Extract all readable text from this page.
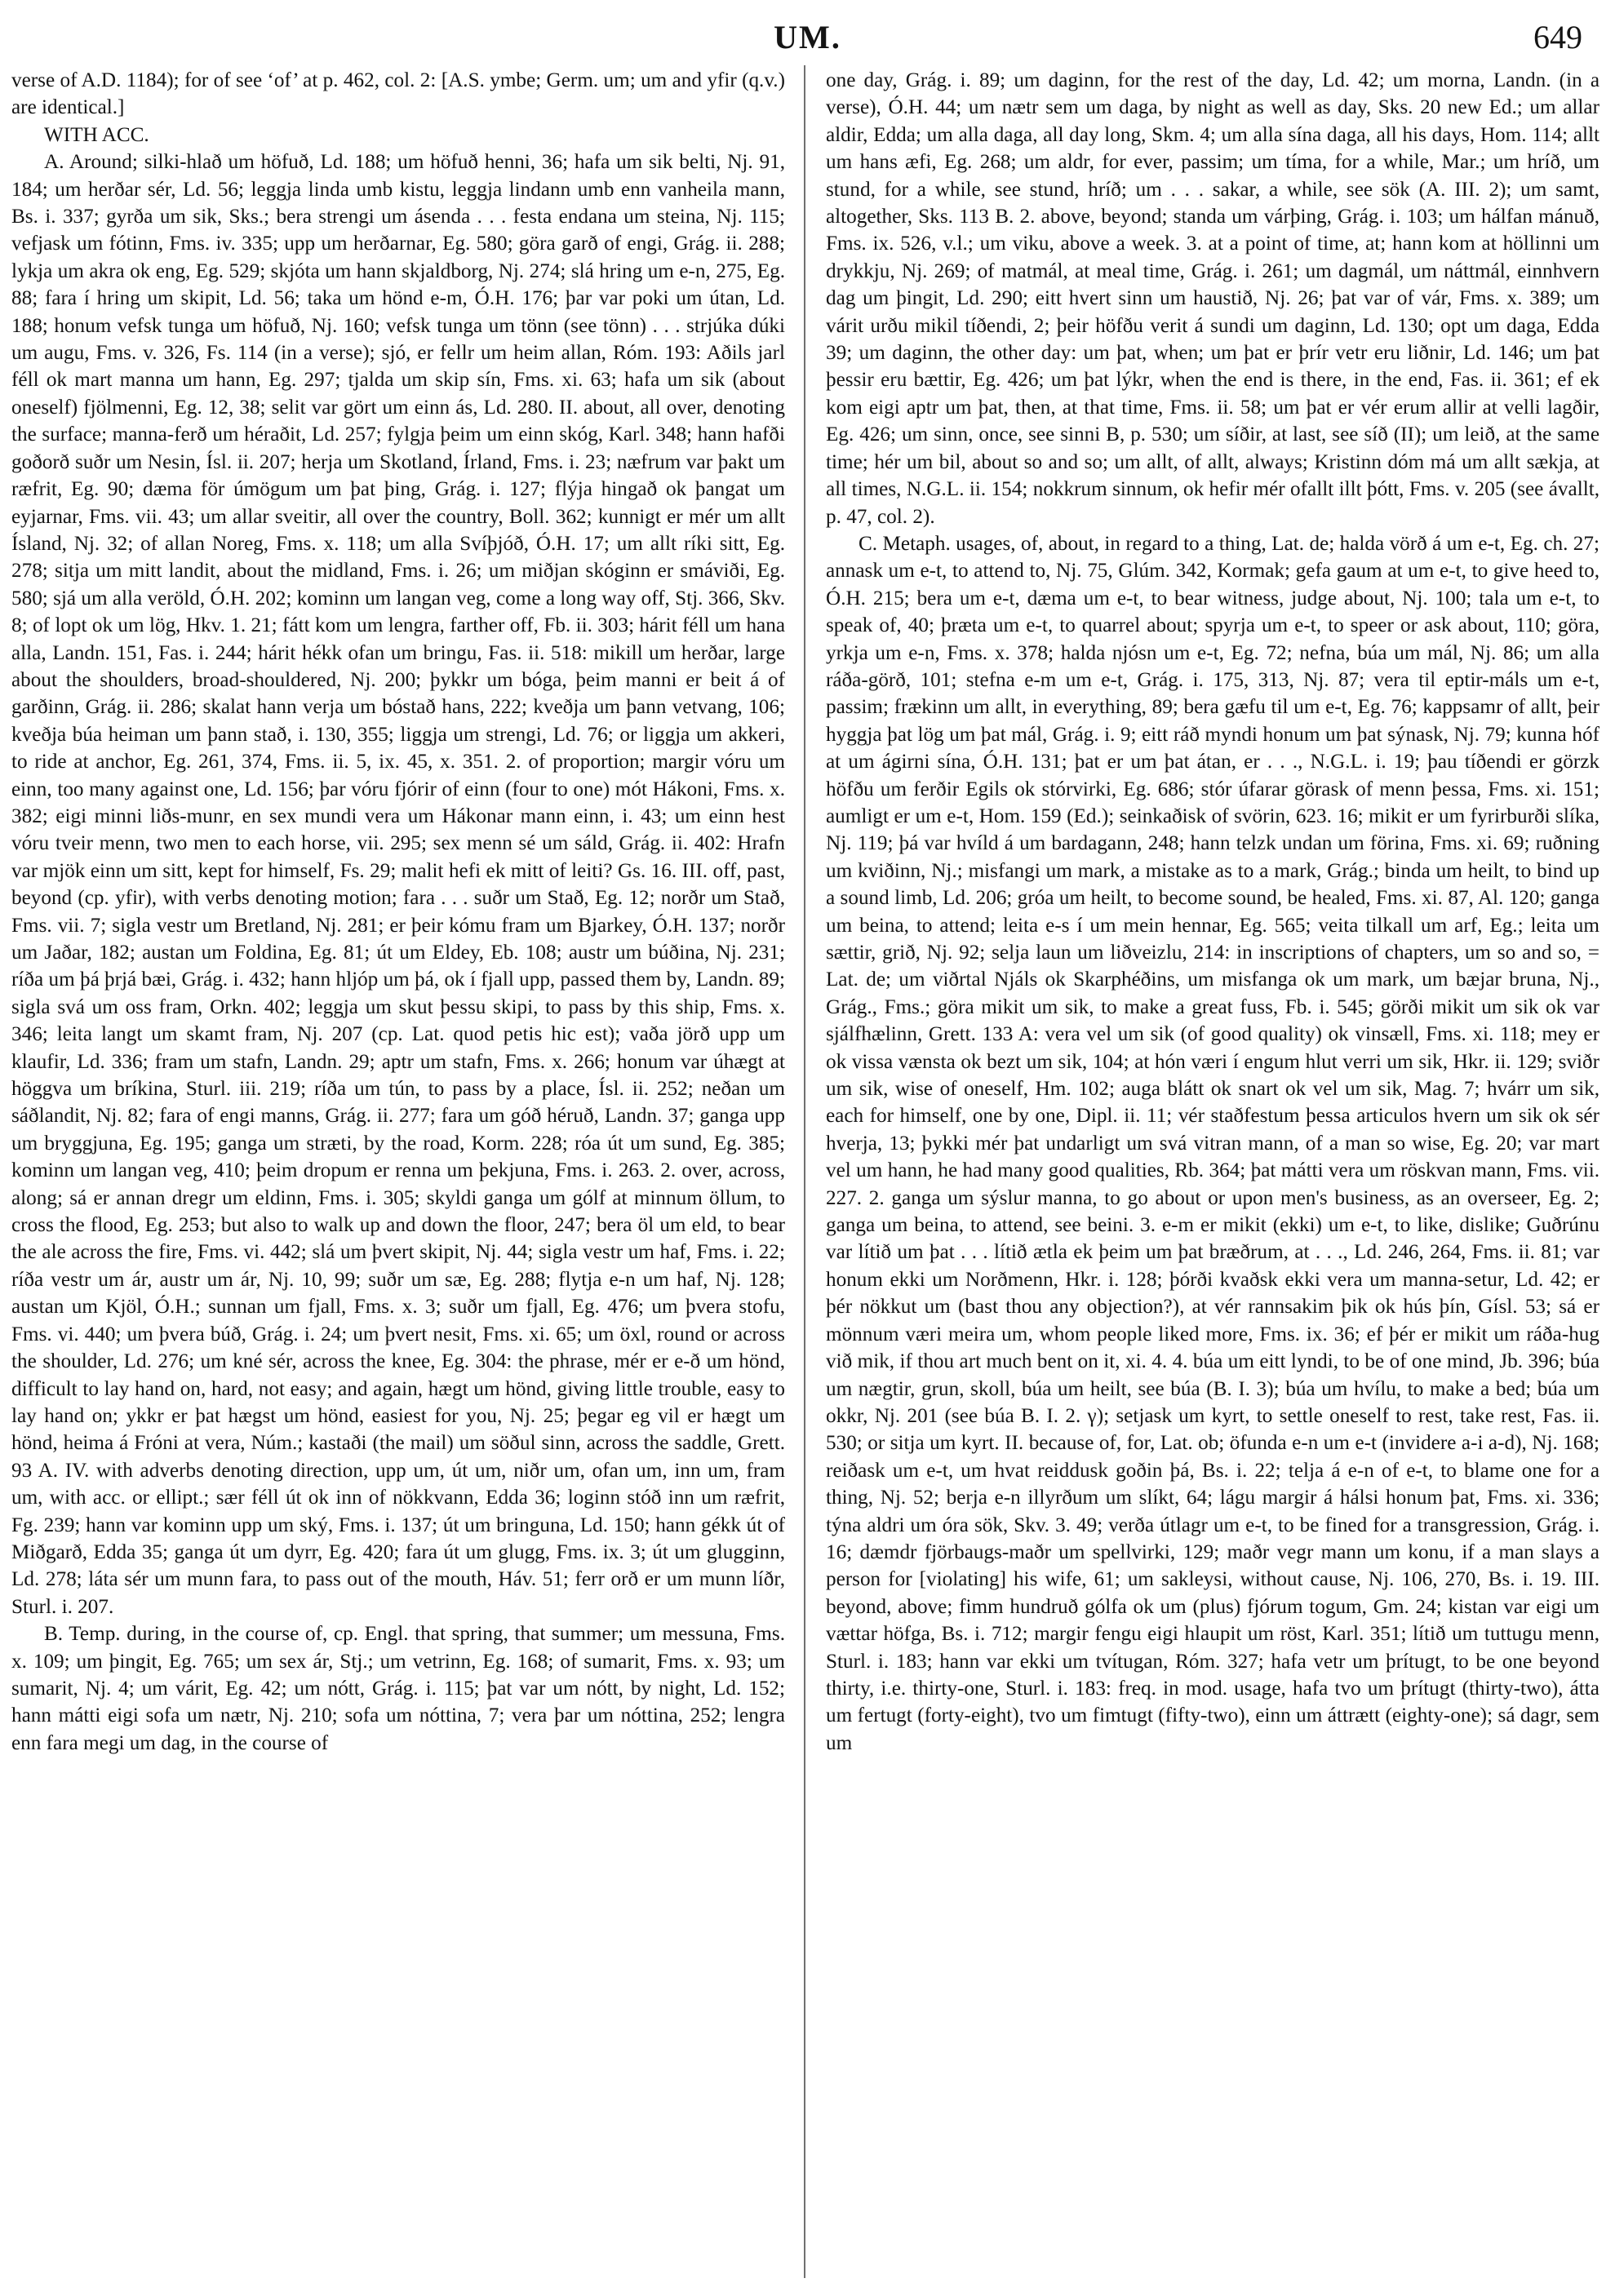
UM.	649

verse of A.D. 1184); for of see ‘of’ at p. 462, col. 2: [A.S. ymbe; Germ. um; um and yfir (q.v.) are identical.]

WITH ACC.

A. Around; silki-hlað um höfuð, Ld. 188; um höfuð henni, 36; hafa um sik belti, Nj. 91, 184; um herðar sér, Ld. 56; leggja linda umb kistu, leggja lindann umb enn vanheila mann, Bs. i. 337; gyrða um sik, Sks.; bera strengi um ásenda . . . festa endana um steina, Nj. 115; vefjask um fótinn, Fms. iv. 335; upp um herðarnar, Eg. 580; göra garð of engi, Grág. ii. 288; lykja um akra ok eng, Eg. 529; skjóta um hann skjaldborg, Nj. 274; slá hring um e-n, 275, Eg. 88; fara í hring um skipit, Ld. 56; taka um hönd e-m, Ó.H. 176; þar var poki um útan, Ld. 188; honum vefsk tunga um höfuð, Nj. 160; vefsk tunga um tönn (see tönn) . . . strjúka dúki um augu, Fms. v. 326, Fs. 114 (in a verse); sjó, er fellr um heim allan, Róm. 193: Aðils jarl féll ok mart manna um hann, Eg. 297; tjalda um skip sín, Fms. xi. 63; hafa um sik (about oneself) fjölmenni, Eg. 12, 38; selit var gört um einn ás, Ld. 280. II. about, all over, denoting the surface; manna-ferð um héraðit, Ld. 257; fylgja þeim um einn skóg, Karl. 348; hann hafði goðorð suðr um Nesin, Ísl. ii. 207; herja um Skotland, Írland, Fms. i. 23; næfrum var þakt um ræfrit, Eg. 90; dæma för úmögum um þat þing, Grág. i. 127; flýja hingað ok þangat um eyjarnar, Fms. vii. 43; um allar sveitir, all over the country, Boll. 362; kunnigt er mér um allt Ísland, Nj. 32; of allan Noreg, Fms. x. 118; um alla Svíþjóð, Ó.H. 17; um allt ríki sitt, Eg. 278; sitja um mitt landit, about the midland, Fms. i. 26; um miðjan skóginn er smáviði, Eg. 580; sjá um alla veröld, Ó.H. 202; kominn um langan veg, come a long way off, Stj. 366, Skv. 8; of lopt ok um lög, Hkv. 1. 21; fátt kom um lengra, farther off, Fb. ii. 303; hárit féll um hana alla, Landn. 151, Fas. i. 244; hárit hékk ofan um bringu, Fas. ii. 518: mikill um herðar, large about the shoulders, broad-shouldered, Nj. 200; þykkr um bóga, þeim manni er beit á of garðinn, Grág. ii. 286; skalat hann verja um bóstað hans, 222; kveðja um þann vetvang, 106; kveðja búa heiman um þann stað, i. 130, 355; liggja um strengi, Ld. 76; or liggja um akkeri, to ride at anchor, Eg. 261, 374, Fms. ii. 5, ix. 45, x. 351. 2. of proportion; margir vóru um einn, too many against one, Ld. 156; þar vóru fjórir of einn (four to one) mót Hákoni, Fms. x. 382; eigi minni liðs-munr, en sex mundi vera um Hákonar mann einn, i. 43; um einn hest vóru tveir menn, two men to each horse, vii. 295; sex menn sé um sáld, Grág. ii. 402: Hrafn var mjök einn um sitt, kept for himself, Fs. 29; malit hefi ek mitt of leiti? Gs. 16. III. off, past, beyond (cp. yfir), with verbs denoting motion; fara . . . suðr um Stað, Eg. 12; norðr um Stað, Fms. vii. 7; sigla vestr um Bretland, Nj. 281; er þeir kómu fram um Bjarkey, Ó.H. 137; norðr um Jaðar, 182; austan um Foldina, Eg. 81; út um Eldey, Eb. 108; austr um búðina, Nj. 231; ríða um þá þrjá bæi, Grág. i. 432; hann hljóp um þá, ok í fjall upp, passed them by, Landn. 89; sigla svá um oss fram, Orkn. 402; leggja um skut þessu skipi, to pass by this ship, Fms. x. 346; leita langt um skamt fram, Nj. 207 (cp. Lat. quod petis hic est); vaða jörð upp um klaufir, Ld. 336; fram um stafn, Landn. 29; aptr um stafn, Fms. x. 266; honum var úhægt at höggva um bríkina, Sturl. iii. 219; ríða um tún, to pass by a place, Ísl. ii. 252; neðan um sáðlandit, Nj. 82; fara of engi manns, Grág. ii. 277; fara um góð héruð, Landn. 37; ganga upp um bryggjuna, Eg. 195; ganga um stræti, by the road, Korm. 228; róa út um sund, Eg. 385; kominn um langan veg, 410; þeim dropum er renna um þekjuna, Fms. i. 263. 2. over, across, along; sá er annan dregr um eldinn, Fms. i. 305; skyldi ganga um gólf at minnum öllum, to cross the flood, Eg. 253; but also to walk up and down the floor, 247; bera öl um eld, to bear the ale across the fire, Fms. vi. 442; slá um þvert skipit, Nj. 44; sigla vestr um haf, Fms. i. 22; ríða vestr um ár, austr um ár, Nj. 10, 99; suðr um sæ, Eg. 288; flytja e-n um haf, Nj. 128; austan um Kjöl, Ó.H.; sunnan um fjall, Fms. x. 3; suðr um fjall, Eg. 476; um þvera stofu, Fms. vi. 440; um þvera búð, Grág. i. 24; um þvert nesit, Fms. xi. 65; um öxl, round or across the shoulder, Ld. 276; um kné sér, across the knee, Eg. 304: the phrase, mér er e-ð um hönd, difficult to lay hand on, hard, not easy; and again, hægt um hönd, giving little trouble, easy to lay hand on; ykkr er þat hægst um hönd, easiest for you, Nj. 25; þegar eg vil er hægt um hönd, heima á Fróni at vera, Núm.; kastaði (the mail) um söðul sinn, across the saddle, Grett. 93 A. IV. with adverbs denoting direction, upp um, út um, niðr um, ofan um, inn um, fram um, with acc. or ellipt.; sær féll út ok inn of nökkvann, Edda 36; loginn stóð inn um ræfrit, Fg. 239; hann var kominn upp um ský, Fms. i. 137; út um bringuna, Ld. 150; hann gékk út of Miðgarð, Edda 35; ganga út um dyrr, Eg. 420; fara út um glugg, Fms. ix. 3; út um glugginn, Ld. 278; láta sér um munn fara, to pass out of the mouth, Háv. 51; ferr orð er um munn líðr, Sturl. i. 207.

B. Temp. during, in the course of, cp. Engl. that spring, that summer; um messuna, Fms. x. 109; um þingit, Eg. 765; um sex ár, Stj.; um vetrinn, Eg. 168; of sumarit, Fms. x. 93; um sumarit, Nj. 4; um várit, Eg. 42; um nótt, Grág. i. 115; þat var um nótt, by night, Ld. 152; hann mátti eigi sofa um nætr, Nj. 210; sofa um nóttina, 7; vera þar um nóttina, 252; lengra enn fara megi um dag, in the course of

one day, Grág. i. 89; um daginn, for the rest of the day, Ld. 42; um morna, Landn. (in a verse), Ó.H. 44; um nætr sem um daga, by night as well as day, Sks. 20 new Ed.; um allar aldir, Edda; um alla daga, all day long, Skm. 4; um alla sína daga, all his days, Hom. 114; allt um hans æfi, Eg. 268; um aldr, for ever, passim; um tíma, for a while, Mar.; um hríð, um stund, for a while, see stund, hríð; um . . . sakar, a while, see sök (A. III. 2); um samt, altogether, Sks. 113 B. 2. above, beyond; standa um várþing, Grág. i. 103; um hálfan mánuð, Fms. ix. 526, v.l.; um viku, above a week. 3. at a point of time, at; hann kom at höllinni um drykkju, Nj. 269; of matmál, at meal time, Grág. i. 261; um dagmál, um náttmál, einnhvern dag um þingit, Ld. 290; eitt hvert sinn um haustið, Nj. 26; þat var of vár, Fms. x. 389; um várit urðu mikil tíðendi, 2; þeir höfðu verit á sundi um daginn, Ld. 130; opt um daga, Edda 39; um daginn, the other day: um þat, when; um þat er þrír vetr eru liðnir, Ld. 146; um þat þessir eru bættir, Eg. 426; um þat lýkr, when the end is there, in the end, Fas. ii. 361; ef ek kom eigi aptr um þat, then, at that time, Fms. ii. 58; um þat er vér erum allir at velli lagðir, Eg. 426; um sinn, once, see sinni B, p. 530; um síðir, at last, see síð (II); um leið, at the same time; hér um bil, about so and so; um allt, of allt, always; Kristinn dóm má um allt sækja, at all times, N.G.L. ii. 154; nokkrum sinnum, ok hefir mér ofallt illt þótt, Fms. v. 205 (see ávallt, p. 47, col. 2).

C. Metaph. usages, of, about, in regard to a thing, Lat. de; halda vörð á um e-t, Eg. ch. 27; annask um e-t, to attend to, Nj. 75, Glúm. 342, Kormak; gefa gaum at um e-t, to give heed to, Ó.H. 215; bera um e-t, dæma um e-t, to bear witness, judge about, Nj. 100; tala um e-t, to speak of, 40; þræta um e-t, to quarrel about; spyrja um e-t, to speer or ask about, 110; göra, yrkja um e-n, Fms. x. 378; halda njósn um e-t, Eg. 72; nefna, búa um mál, Nj. 86; um alla ráða-görð, 101; stefna e-m um e-t, Grág. i. 175, 313, Nj. 87; vera til eptir-máls um e-t, passim; frækinn um allt, in everything, 89; bera gæfu til um e-t, Eg. 76; kappsamr of allt, þeir hyggja þat lög um þat mál, Grág. i. 9; eitt ráð myndi honum um þat sýnask, Nj. 79; kunna hóf at um ágirni sína, Ó.H. 131; þat er um þat átan, er . . ., N.G.L. i. 19; þau tíðendi er görzk höfðu um ferðir Egils ok stórvirki, Eg. 686; stór úfarar görask of menn þessa, Fms. xi. 151; aumligt er um e-t, Hom. 159 (Ed.); seinkaðisk of svörin, 623. 16; mikit er um fyrirburði slíka, Nj. 119; þá var hvíld á um bardagann, 248; hann telzk undan um förina, Fms. xi. 69; ruðning um kviðinn, Nj.; misfangi um mark, a mistake as to a mark, Grág.; binda um heilt, to bind up a sound limb, Ld. 206; gróa um heilt, to become sound, be healed, Fms. xi. 87, Al. 120; ganga um beina, to attend; leita e-s í um mein hennar, Eg. 565; veita tilkall um arf, Eg.; leita um sættir, grið, Nj. 92; selja laun um liðveizlu, 214: in inscriptions of chapters, um so and so, = Lat. de; um viðrtal Njáls ok Skarphéðins, um misfanga ok um mark, um bæjar bruna, Nj., Grág., Fms.; göra mikit um sik, to make a great fuss, Fb. i. 545; görði mikit um sik ok var sjálfhælinn, Grett. 133 A: vera vel um sik (of good quality) ok vinsæll, Fms. xi. 118; mey er ok vissa vænsta ok bezt um sik, 104; at hón væri í engum hlut verri um sik, Hkr. ii. 129; sviðr um sik, wise of oneself, Hm. 102; auga blátt ok snart ok vel um sik, Mag. 7; hvárr um sik, each for himself, one by one, Dipl. ii. 11; vér staðfestum þessa articulos hvern um sik ok sér hverja, 13; þykki mér þat undarligt um svá vitran mann, of a man so wise, Eg. 20; var mart vel um hann, he had many good qualities, Rb. 364; þat mátti vera um röskvan mann, Fms. vii. 227. 2. ganga um sýslur manna, to go about or upon men's business, as an overseer, Eg. 2; ganga um beina, to attend, see beini. 3. e-m er mikit (ekki) um e-t, to like, dislike; Guðrúnu var lítið um þat . . . lítið ætla ek þeim um þat bræðrum, at . . ., Ld. 246, 264, Fms. ii. 81; var honum ekki um Norðmenn, Hkr. i. 128; þórði kvaðsk ekki vera um manna-setur, Ld. 42; er þér nökkut um (bast thou any objection?), at vér rannsakim þik ok hús þín, Gísl. 53; sá er mönnum væri meira um, whom people liked more, Fms. ix. 36; ef þér er mikit um ráða-hug við mik, if thou art much bent on it, xi. 4. 4. búa um eitt lyndi, to be of one mind, Jb. 396; búa um nægtir, grun, skoll, búa um heilt, see búa (B. I. 3); búa um hvílu, to make a bed; búa um okkr, Nj. 201 (see búa B. I. 2. γ); setjask um kyrt, to settle oneself to rest, take rest, Fas. ii. 530; or sitja um kyrt. II. because of, for, Lat. ob; öfunda e-n um e-t (invidere a-i a-d), Nj. 168; reiðask um e-t, um hvat reiddusk goðin þá, Bs. i. 22; telja á e-n of e-t, to blame one for a thing, Nj. 52; berja e-n illyrðum um slíkt, 64; lágu margir á hálsi honum þat, Fms. xi. 336; týna aldri um óra sök, Skv. 3. 49; verða útlagr um e-t, to be fined for a transgression, Grág. i. 16; dæmdr fjörbaugs-maðr um spellvirki, 129; maðr vegr mann um konu, if a man slays a person for [violating] his wife, 61; um sakleysi, without cause, Nj. 106, 270, Bs. i. 19. III. beyond, above; fimm hundruð gólfa ok um (plus) fjórum togum, Gm. 24; kistan var eigi um vættar höfga, Bs. i. 712; margir fengu eigi hlaupit um röst, Karl. 351; lítið um tuttugu menn, Sturl. i. 183; hann var ekki um tvítugan, Róm. 327; hafa vetr um þrítugt, to be one beyond thirty, i.e. thirty-one, Sturl. i. 183: freq. in mod. usage, hafa tvo um þrítugt (thirty-two), átta um fertugt (forty-eight), tvo um fimtugt (fifty-two), einn um áttrætt (eighty-one); sá dagr, sem um
